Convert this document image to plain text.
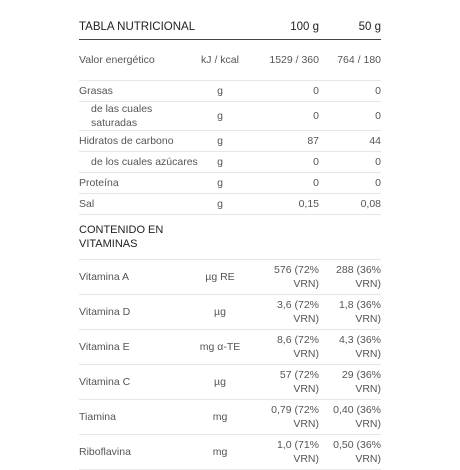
TABLA NUTRICIONAL		100 g	50 g
Valor energético	kJ / kcal	1529 / 360	764 / 180
Grasas	g	0	0
de las cuales saturadas	g	0	0
Hidratos de carbono	g	87	44
de los cuales azúcares	g	0	0
Proteína	g	0	0
Sal	g	0,15	0,08
CONTENIDO EN VITAMINAS			
Vitamina A	µg RE	576 (72% VRN)	288 (36% VRN)
Vitamina D	µg	3,6 (72% VRN)	1,8 (36% VRN)
Vitamina E	mg α-TE	8,6 (72% VRN)	4,3 (36% VRN)
Vitamina C	µg	57 (72% VRN)	29 (36% VRN)
Tiamina	mg	0,79 (72% VRN)	0,40 (36% VRN)
Riboflavina	mg	1,0 (71% VRN)	0,50 (36% VRN)
